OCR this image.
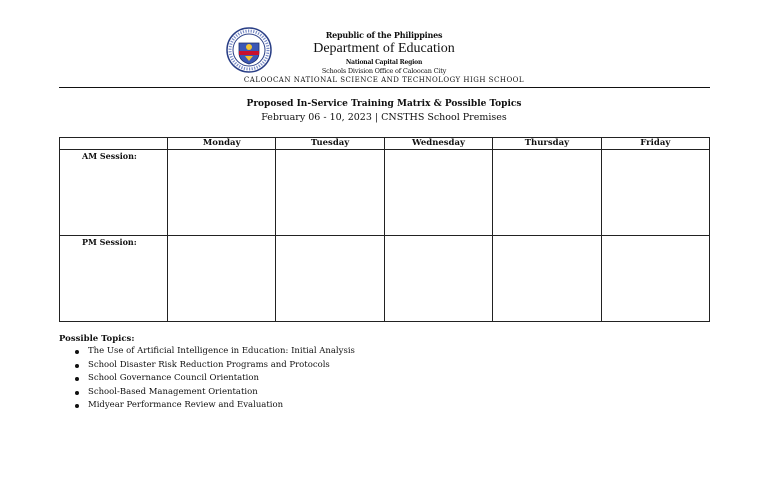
Republic of the Philippines
Department of Education
National Capital Region
Schools Division Office of Caloocan City
CALOOCAN NATIONAL SCIENCE AND TECHNOLOGY HIGH SCHOOL
Proposed In-Service Training Matrix & Possible Topics
February 06 - 10, 2023 | CNSTHS School Premises
	Monday	Tuesday	Wednesday	Thursday	Friday
AM Session:					
PM Session:					
Possible Topics:
The Use of Artificial Intelligence in Education: Initial Analysis
School Disaster Risk Reduction Programs and Protocols
School Governance Council Orientation
School-Based Management Orientation
Midyear Performance Review and Evaluation
